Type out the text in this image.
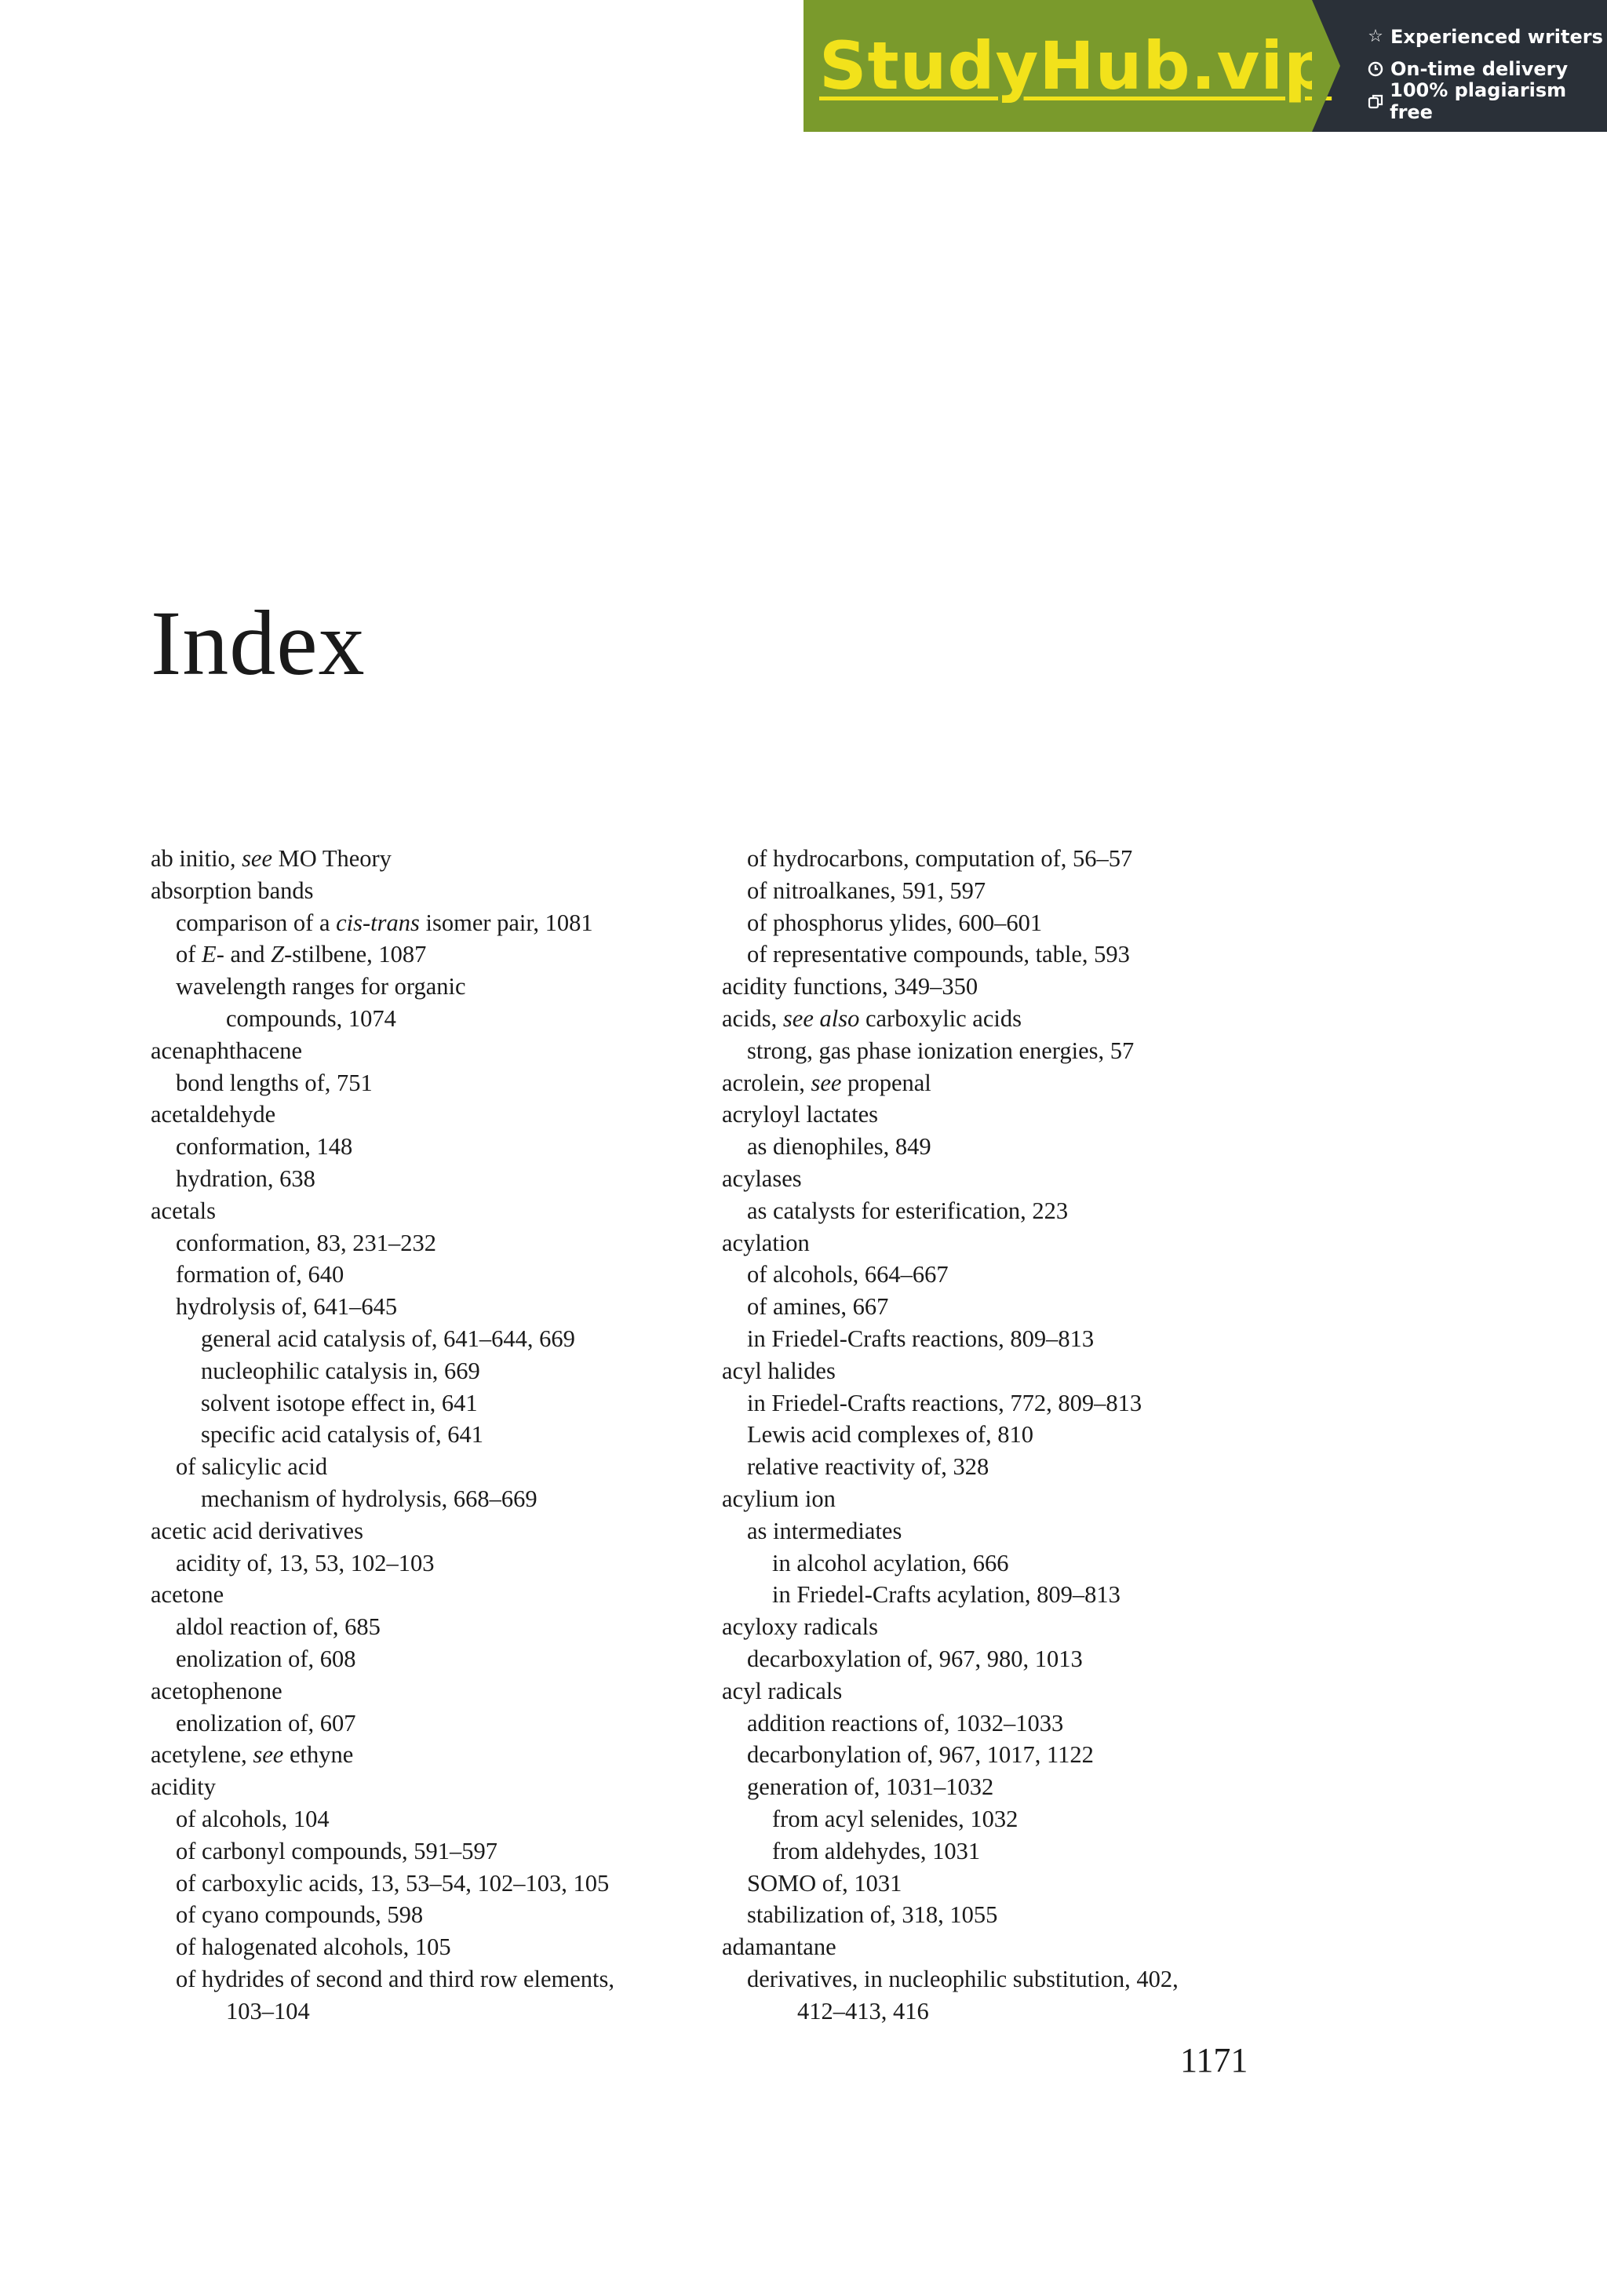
StudyHub.vip ☆ Experienced writers
On-time delivery
100% plagiarism free
Index
ab initio, see MO Theory
absorption bands
comparison of a cis-trans isomer pair, 1081
of E- and Z-stilbene, 1087
wavelength ranges for organic
compounds, 1074
acenaphthacene
bond lengths of, 751
acetaldehyde
conformation, 148
hydration, 638
acetals
conformation, 83, 231–232
formation of, 640
hydrolysis of, 641–645
general acid catalysis of, 641–644, 669
nucleophilic catalysis in, 669
solvent isotope effect in, 641
specific acid catalysis of, 641
of salicylic acid
mechanism of hydrolysis, 668–669
acetic acid derivatives
acidity of, 13, 53, 102–103
acetone
aldol reaction of, 685
enolization of, 608
acetophenone
enolization of, 607
acetylene, see ethyne
acidity
of alcohols, 104
of carbonyl compounds, 591–597
of carboxylic acids, 13, 53–54, 102–103, 105
of cyano compounds, 598
of halogenated alcohols, 105
of hydrides of second and third row elements,
103–104
of hydrocarbons, computation of, 56–57
of nitroalkanes, 591, 597
of phosphorus ylides, 600–601
of representative compounds, table, 593
acidity functions, 349–350
acids, see also carboxylic acids
strong, gas phase ionization energies, 57
acrolein, see propenal
acryloyl lactates
as dienophiles, 849
acylases
as catalysts for esterification, 223
acylation
of alcohols, 664–667
of amines, 667
in Friedel-Crafts reactions, 809–813
acyl halides
in Friedel-Crafts reactions, 772, 809–813
Lewis acid complexes of, 810
relative reactivity of, 328
acylium ion
as intermediates
in alcohol acylation, 666
in Friedel-Crafts acylation, 809–813
acyloxy radicals
decarboxylation of, 967, 980, 1013
acyl radicals
addition reactions of, 1032–1033
decarbonylation of, 967, 1017, 1122
generation of, 1031–1032
from acyl selenides, 1032
from aldehydes, 1031
SOMO of, 1031
stabilization of, 318, 1055
adamantane
derivatives, in nucleophilic substitution, 402,
412–413, 416
1171
